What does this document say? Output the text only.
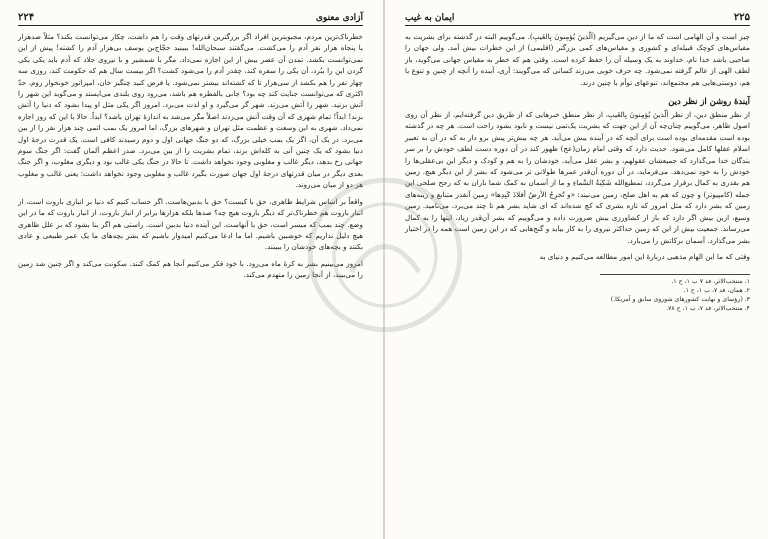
آزادی معنوی
۲۲۴

خطرناک‌ترین مردم، مجبوبترین افراد اگر بزرگترین قدرتهای وقت را هم داشت، چکار می‌توانست بکند؟ مثلاً صدهزار یا پنجاه هزار نفر آدم را می‌کشت. می‌گفتند سبحان‌الله! ببینید حجّاج‌بن یوسف بی‌هزار آدم را کشته! پیش از این نمی‌توانست بکشد. تمدن آن عصر بیش از این اجازه نمی‌داد. مگر با شمشیر و با نیروی جلاد که آدم باید یکی یکی گردن این را ببُرد، آن یکی را سفره کند، چقدر آدم را می‌شود کشت؟ اگر بیست سال هم که حکومت کند، روزی سه چهار نفر را هم بکشد از سی‌هزار تا که کشته‌اند بیشتر نمی‌شود. یا فرض کنید چنگیز خان، امپراتور خونخوار روم، حدّ اکثری که می‌توانست جنایت کند چه بود؟ جانی بالفطره هم باشد، می‌رود روی بلندی می‌ایستد و می‌گوید این شهر را آتش بزنید. شهر را آتش می‌زند. شهر گر می‌گیرد و او لذت می‌برد. امروز اگر یکی مثل او پیدا بشود که دنیا را آتش بزند! ابداً! تمام شهری که آن وقت آتش می‌زدند اصلاً مگر می‌شد به اندازهٔ تهران باشد؟ ابداً. حالا با این که روز اجازه نمی‌داد. شهری به این وسعت و عظمت مثل تهران و شهرهای بزرگ، اما امروز یک بمب اتمی چند هزار نفر را از بین می‌برد. در یک آن، اگر یک بمب خیلی بزرگ، که دو جنگ جهانی اول و دوم رسیدند کافی است. یک قدرت درجهٔ اول دنیا بشود که یک چنین آنی به کله‌اش بزند، تمام بشریت را از بین می‌برد. صدر اعظم آلمان گفت: اگر جنگ سوم جهانی رخ بدهد، دیگر غالب و مغلوبی وجود نخواهد داشت. تا حالا در جنگ یکی غالب بود و دیگری مغلوب، و اگر جنگ بعدی دیگر در میان قدرتهای درجهٔ اول جهان صورت بگیرد غالب و مغلوبی وجود نخواهد داشت؛ یعنی غالب و مغلوب هر دو از میان می‌روند.

واقعاً بر اساس شرایط ظاهری، حق با کیست؟ حق با بدبین‌هاست. اگر حساب کنیم که دنیا بر انباری باروت است، از انبار باروت هم خطرناک‌تر که دیگر باروت هیچ چه؟ صدها بلکه هزارها برابر از انبار باروت، از انبار باروت که ما در این وضع. چند بمب که میسر است، حق با آنهاست. این آینده دنیا بدبین است. راستی هم اگر بنا بشود که بر علل ظاهری هیچ دلیل نداریم که خوشبین باشیم. اما ما ادعا می‌کنیم امیدوار باشیم که بشر بچه‌های ما یک عمر طبیعی و عادی بکنند و بچه‌های خودشان را ببینند.

امروز می‌بینیم بشر به کرهٔ ماه می‌رود. با خود فکر می‌کنیم آنجا هم کمک کنند. سکونت می‌کند و اگر چنین شد زمین را می‌بیند، از آنجا زمین را منهدم می‌کند.

۲۲۵
ایمان به غیب

چیز است و آن الهامی است که ما از دین می‌گیریم (اَلّذینَ یُؤمِنونَ بِالغَیبِ). می‌گوییم البته در گذشته برای بشریت به مقیاس‌های کوچک قبیله‌ای و کشوری و مقیاس‌های کمی بزرگتر (اقلیمی) از این خطرات بیش آمد. ولی جهان را صاحبی باشد خدا نام، خداوند به یک وسیله آن را حفظ کرده است. وقتی هم که خطر به مقیاس جهانی می‌گوید، باز لطف الهی از عالم گرفته نمی‌شود. چه حرف خوبی می‌زند کسانی که می‌گویند: آری، آینده را آنچه از چنین و تنوع با هم، دوستی‌هایی هم مجتمع‌اند، تنوعهای توأم با چنین درند.

آیندهٔ روشن از نظر دین

از نظر منطق دین، از نظر اَلّذینَ یُؤمِنونَ بِالغَیبِ، از نظر منطق خبرهایی که از طریق دین گرفته‌ایم، از نظر آن روی اصول ظاهر، می‌گوییم چنان‌چه آن از این جهت که بشریت یک‌تمی نیست و نابود بشود راحت است. هر چه در گذشته بوده است مقدمه‌ای بوده است برای آنچه که در آینده بیش می‌آید. هر چه بیش‌تر پیش برو دار به که در آن به تعبیر اسلام عقلها کامل می‌شود. حدیث دارد که وقتی امام زمان(عج) ظهور کند در آن دوره دست لطف خودش را بر سر بندگان خدا می‌گذارد که جمیعشان عقولهم، و بشر عقل می‌آید، خودشان را به هم و کودک و دیگر این بی‌عقلی‌ها را خودش را به خود نمی‌دهد. می‌فرماید، در آن دوره آن‌قدر عمرها طولانی تر می‌شود که بشر از این دیگر هیچ. زمین هم بقدری به کمال برقرار می‌گردد، تمطیع‌الله شَکِبَةُ السَّماءِ و ما از آسمان به کمک شما باران به که رجح صلحی این جمله (کامپیوتر) و چون که هم به اهل صلح، زمین می‌نیند: «و تُخرِجُ الأرضُ أفلاذَ کَبِدِها» زمین آنقدر متنابع و زینه‌های زمین که بشر دارد که مثل امروز که تازه بشری که کچ شده‌اند که ای شاید بشر هم تا چند می‌برد، می‌نامید. زمین وسیع، ازین بیش‌ اگر دارد که باز از کشاورزی بیش ضرورت داده و می‌گوییم که بشر آن‌قدر زیاد، اینها را به کمال می‌رساند. جمعیت بیش از این که زمین حداکثر نیروی را به کار بیاید و گنج‌هایی که در این زمین است همه را در اختیار بشر می‌گذارد. آسمان برکاتش را می‌بارد.

وقتی که ما این الهام مذهبی دربارهٔ این امور مطالعه می‌کنیم و دنیای به

۱. منتخب‌الاثر، فد ۷ ب ۱، ح ۱.
۲. همان، فد ۷، ب ۱، ح ۱.
۳. (رؤسای و نهایت کشورهای شوروی سابق و آمریکا.)
۴. منتخب‌الاثر، فد ۷، ب ۱، ح ۷۸.
